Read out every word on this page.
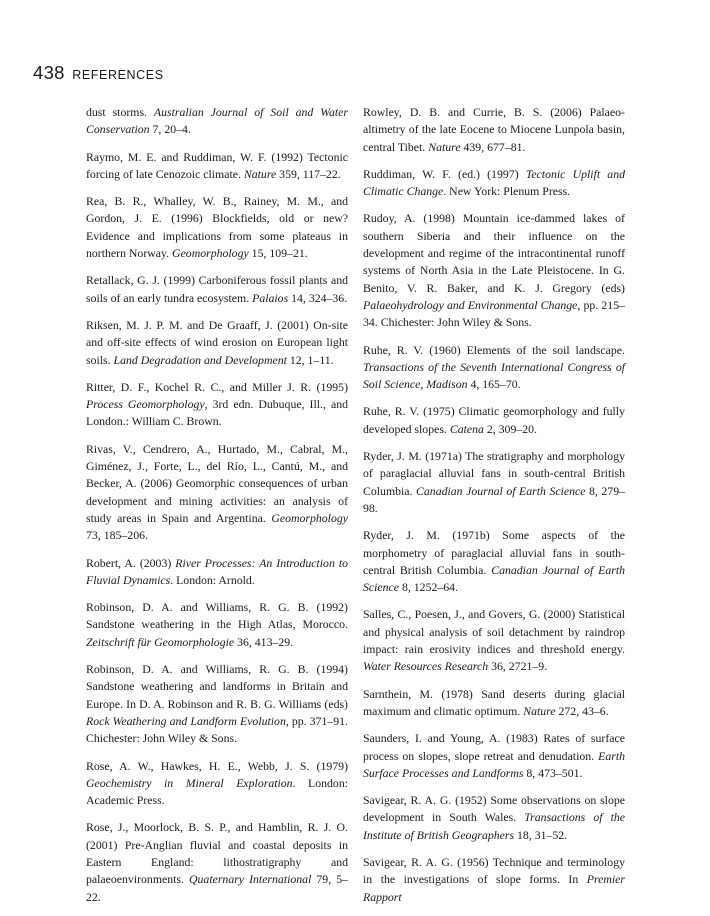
438 REFERENCES

dust storms. Australian Journal of Soil and Water Conservation 7, 20–4.

Raymo, M. E. and Ruddiman, W. F. (1992) Tectonic forcing of late Cenozoic climate. Nature 359, 117–22.

Rea, B. R., Whalley, W. B., Rainey, M. M., and Gordon, J. E. (1996) Blockfields, old or new? Evidence and implications from some plateaus in northern Norway. Geomorphology 15, 109–21.

Retallack, G. J. (1999) Carboniferous fossil plants and soils of an early tundra ecosystem. Palaios 14, 324–36.

Riksen, M. J. P. M. and De Graaff, J. (2001) On-site and off-site effects of wind erosion on European light soils. Land Degradation and Development 12, 1–11.

Ritter, D. F., Kochel R. C., and Miller J. R. (1995) Process Geomorphology, 3rd edn. Dubuque, Ill., and London.: William C. Brown.

Rivas, V., Cendrero, A., Hurtado, M., Cabral, M., Giménez, J., Forte, L., del Río, L., Cantú, M., and Becker, A. (2006) Geomorphic consequences of urban development and mining activities: an analysis of study areas in Spain and Argentina. Geomorphology 73, 185–206.

Robert, A. (2003) River Processes: An Introduction to Fluvial Dynamics. London: Arnold.

Robinson, D. A. and Williams, R. G. B. (1992) Sandstone weathering in the High Atlas, Morocco. Zeitschrift für Geomorphologie 36, 413–29.

Robinson, D. A. and Williams, R. G. B. (1994) Sandstone weathering and landforms in Britain and Europe. In D. A. Robinson and R. B. G. Williams (eds) Rock Weathering and Landform Evolution, pp. 371–91. Chichester: John Wiley & Sons.

Rose, A. W., Hawkes, H. E., Webb, J. S. (1979) Geochemistry in Mineral Exploration. London: Academic Press.

Rose, J., Moorlock, B. S. P., and Hamblin, R. J. O. (2001) Pre-Anglian fluvial and coastal deposits in Eastern England: lithostratigraphy and palaeoenvironments. Quaternary International 79, 5–22.

Rowley, D. B. and Currie, B. S. (2006) Palaeo-altimetry of the late Eocene to Miocene Lunpola basin, central Tibet. Nature 439, 677–81.

Ruddiman, W. F. (ed.) (1997) Tectonic Uplift and Climatic Change. New York: Plenum Press.

Rudoy, A. (1998) Mountain ice-dammed lakes of southern Siberia and their influence on the development and regime of the intracontinental runoff systems of North Asia in the Late Pleistocene. In G. Benito, V. R. Baker, and K. J. Gregory (eds) Palaeohydrology and Environmental Change, pp. 215–34. Chichester: John Wiley & Sons.

Ruhe, R. V. (1960) Elements of the soil landscape. Transactions of the Seventh International Congress of Soil Science, Madison 4, 165–70.

Ruhe, R. V. (1975) Climatic geomorphology and fully developed slopes. Catena 2, 309–20.

Ryder, J. M. (1971a) The stratigraphy and morphology of paraglacial alluvial fans in south-central British Columbia. Canadian Journal of Earth Science 8, 279–98.

Ryder, J. M. (1971b) Some aspects of the morphometry of paraglacial alluvial fans in south-central British Columbia. Canadian Journal of Earth Science 8, 1252–64.

Salles, C., Poesen, J., and Govers, G. (2000) Statistical and physical analysis of soil detachment by raindrop impact: rain erosivity indices and threshold energy. Water Resources Research 36, 2721–9.

Sarnthein, M. (1978) Sand deserts during glacial maximum and climatic optimum. Nature 272, 43–6.

Saunders, I. and Young, A. (1983) Rates of surface process on slopes, slope retreat and denudation. Earth Surface Processes and Landforms 8, 473–501.

Savigear, R. A. G. (1952) Some observations on slope development in South Wales. Transactions of the Institute of British Geographers 18, 31–52.

Savigear, R. A. G. (1956) Technique and terminology in the investigations of slope forms. In Premier Rapport
